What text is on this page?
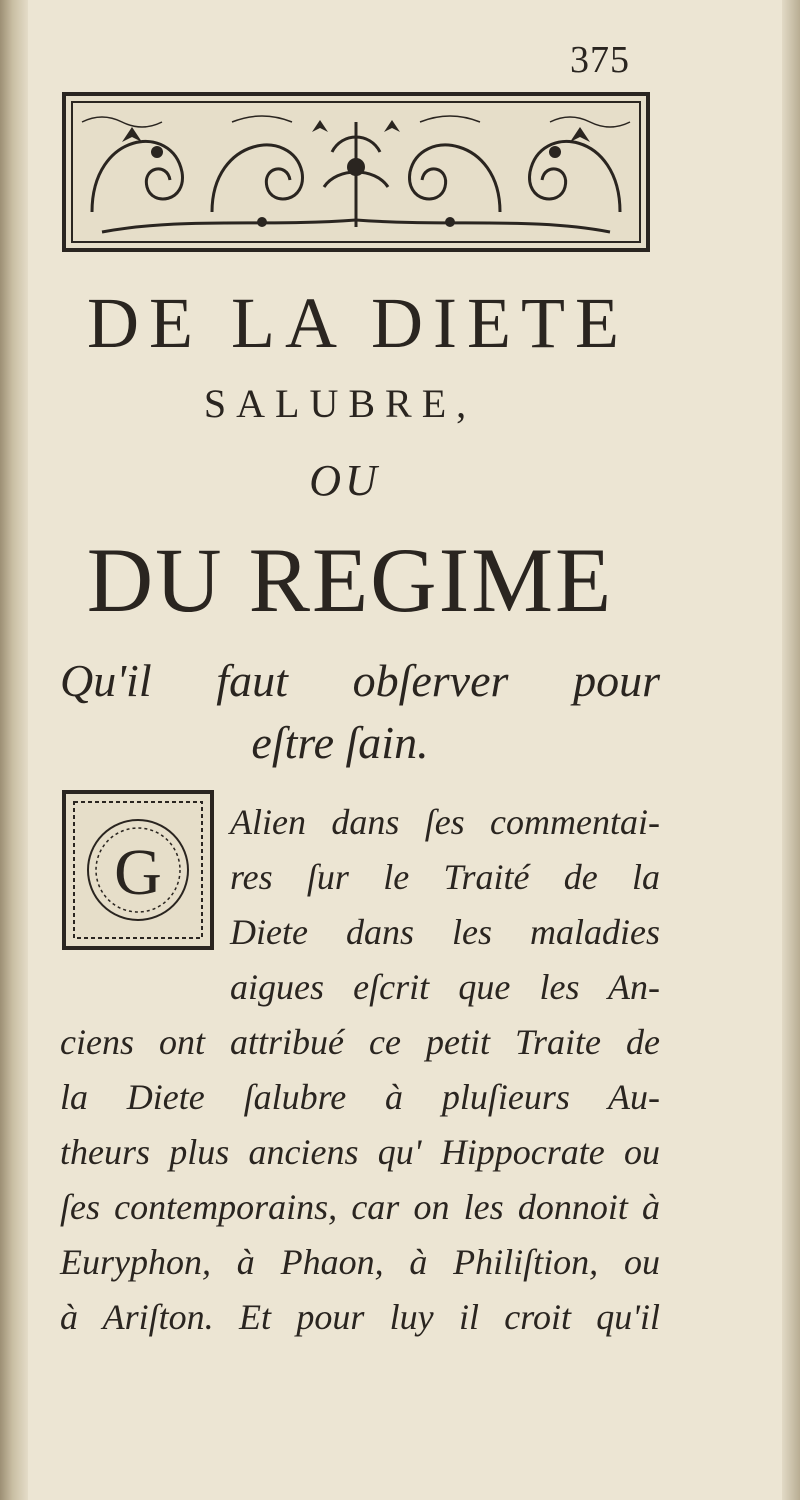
375
DE LA DIETE
SALUBRE,
OU
DU REGIME
Qu'il faut obſerver pour
eſtre ſain.
G
Alien dans ſes commentai-
res ſur le Traité de la
Diete dans les maladies
aigues eſcrit que les An-
ciens ont attribué ce petit Traite de
la Diete ſalubre à pluſieurs Au-
theurs plus anciens qu' Hippocrate ou
ſes contemporains, car on les donnoit à
Euryphon, à Phaon, à Philiſtion, ou
à Ariſton. Et pour luy il croit qu'il
